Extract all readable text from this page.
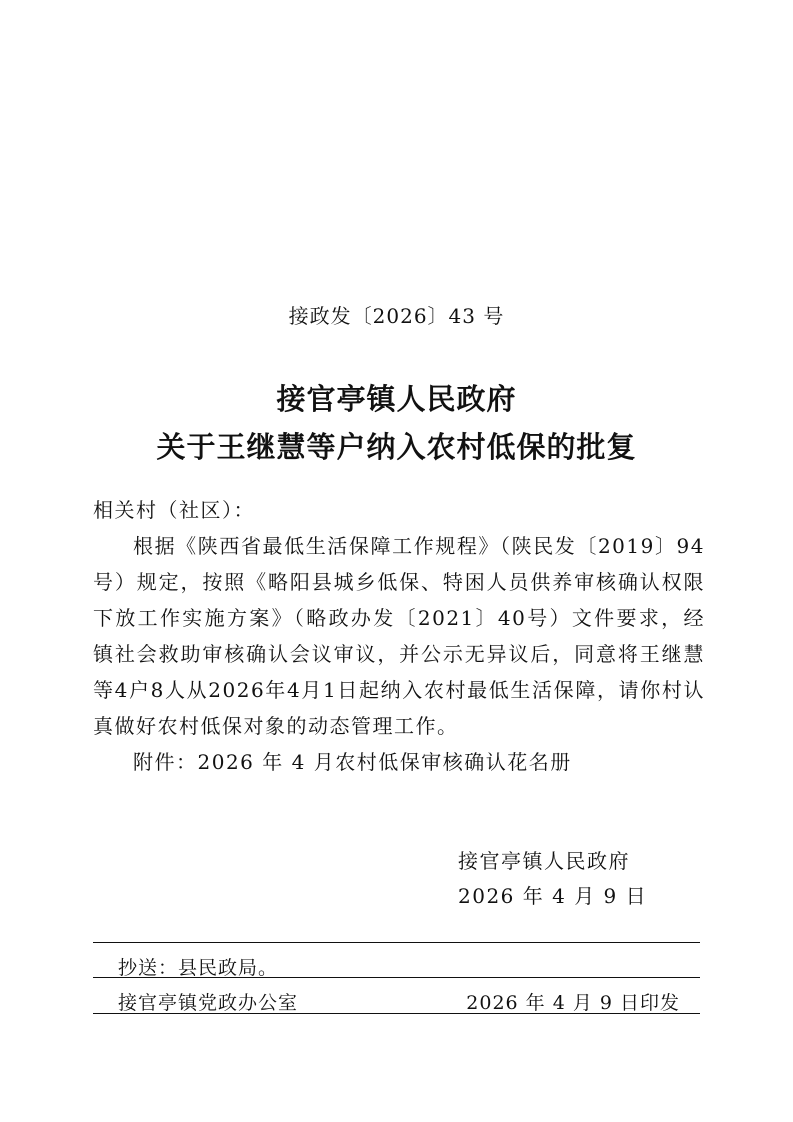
接政发〔2026〕43 号
接官亭镇人民政府
关于王继慧等户纳入农村低保的批复

相关村（社区）：

根据《陕西省最低生活保障工作规程》（陕民发〔2019〕94号）规定，按照《略阳县城乡低保、特困人员供养审核确认权限下放工作实施方案》（略政办发〔2021〕40号）文件要求，经镇社会救助审核确认会议审议，并公示无异议后，同意将王继慧等4户8人从2026年4月1日起纳入农村最低生活保障，请你村认真做好农村低保对象的动态管理工作。

附件：2026 年 4 月农村低保审核确认花名册

接官亭镇人民政府
2026 年 4 月 9 日
抄送：县民政局。
接官亭镇党政办公室	2026 年 4 月 9 日印发
